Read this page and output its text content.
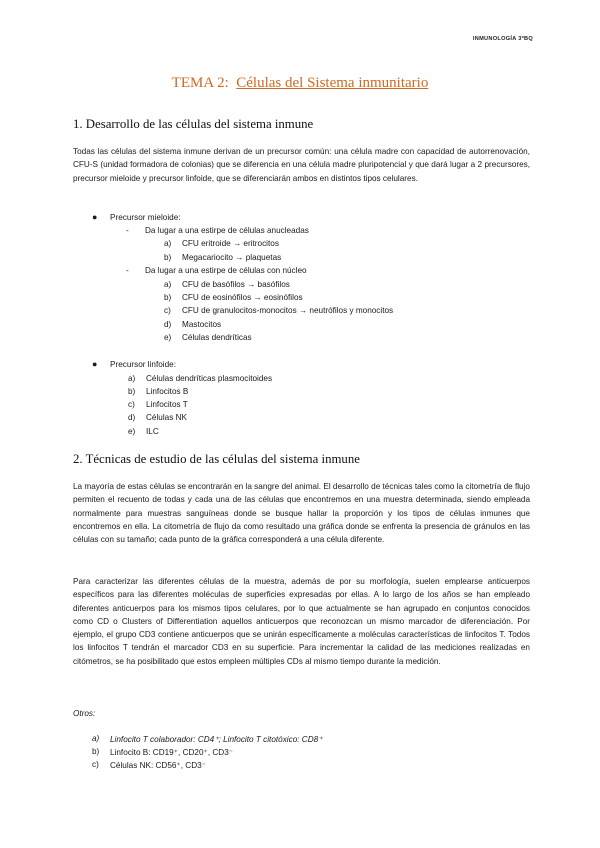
INMUNOLOGÍA 3ºBQ
TEMA 2: Células del Sistema inmunitario
1. Desarrollo de las células del sistema inmune
Todas las células del sistema inmune derivan de un precursor común: una célula madre con capacidad de autorrenovación, CFU-S (unidad formadora de colonias) que se diferencia en una célula madre pluripotencial y que dará lugar a 2 precursores, precursor mieloide y precursor linfoide, que se diferenciarán ambos en distintos tipos celulares.
● Precursor mieloide:
- Da lugar a una estirpe de células anucleadas
a) CFU eritroide → eritrocitos
b) Megacariocito → plaquetas
- Da lugar a una estirpe de células con núcleo
a) CFU de basófilos → basófilos
b) CFU de eosinófilos → eosinófilos
c) CFU de granulocitos-monocitos → neutrófilos y monocitos
d) Mastocitos
e) Células dendríticas
● Precursor linfoide:
a) Células dendríticas plasmocitoides
b) Linfocitos B
c) Linfocitos T
d) Células NK
e) ILC
2. Técnicas de estudio de las células del sistema inmune
La mayoría de estas células se encontrarán en la sangre del animal. El desarrollo de técnicas tales como la citometría de flujo permiten el recuento de todas y cada una de las células que encontremos en una muestra determinada, siendo empleada normalmente para muestras sanguíneas donde se busque hallar la proporción y los tipos de células inmunes que encontremos en ella. La citometría de flujo da como resultado una gráfica donde se enfrenta la presencia de gránulos en las células con su tamaño; cada punto de la gráfica corresponderá a una célula diferente.
Para caracterizar las diferentes células de la muestra, además de por su morfología, suelen emplearse anticuerpos específicos para las diferentes moléculas de superficies expresadas por ellas. A lo largo de los años se han empleado diferentes anticuerpos para los mismos tipos celulares, por lo que actualmente se han agrupado en conjuntos conocidos como CD o Clusters of Differentiation aquellos anticuerpos que reconozcan un mismo marcador de diferenciación. Por ejemplo, el grupo CD3 contiene anticuerpos que se unirán específicamente a moléculas características de linfocitos T. Todos los linfocitos T tendrán el marcador CD3 en su superficie. Para incrementar la calidad de las mediciones realizadas en citómetros, se ha posibilitado que estos empleen múltiples CDs al mismo tiempo durante la medición.
Otros:
a) Linfocito T colaborador: CD4⁺; Linfocito T citotóxico: CD8⁺
b) Linfocito B: CD19⁺, CD20⁺, CD3⁻
c) Células NK: CD56⁺, CD3⁻
